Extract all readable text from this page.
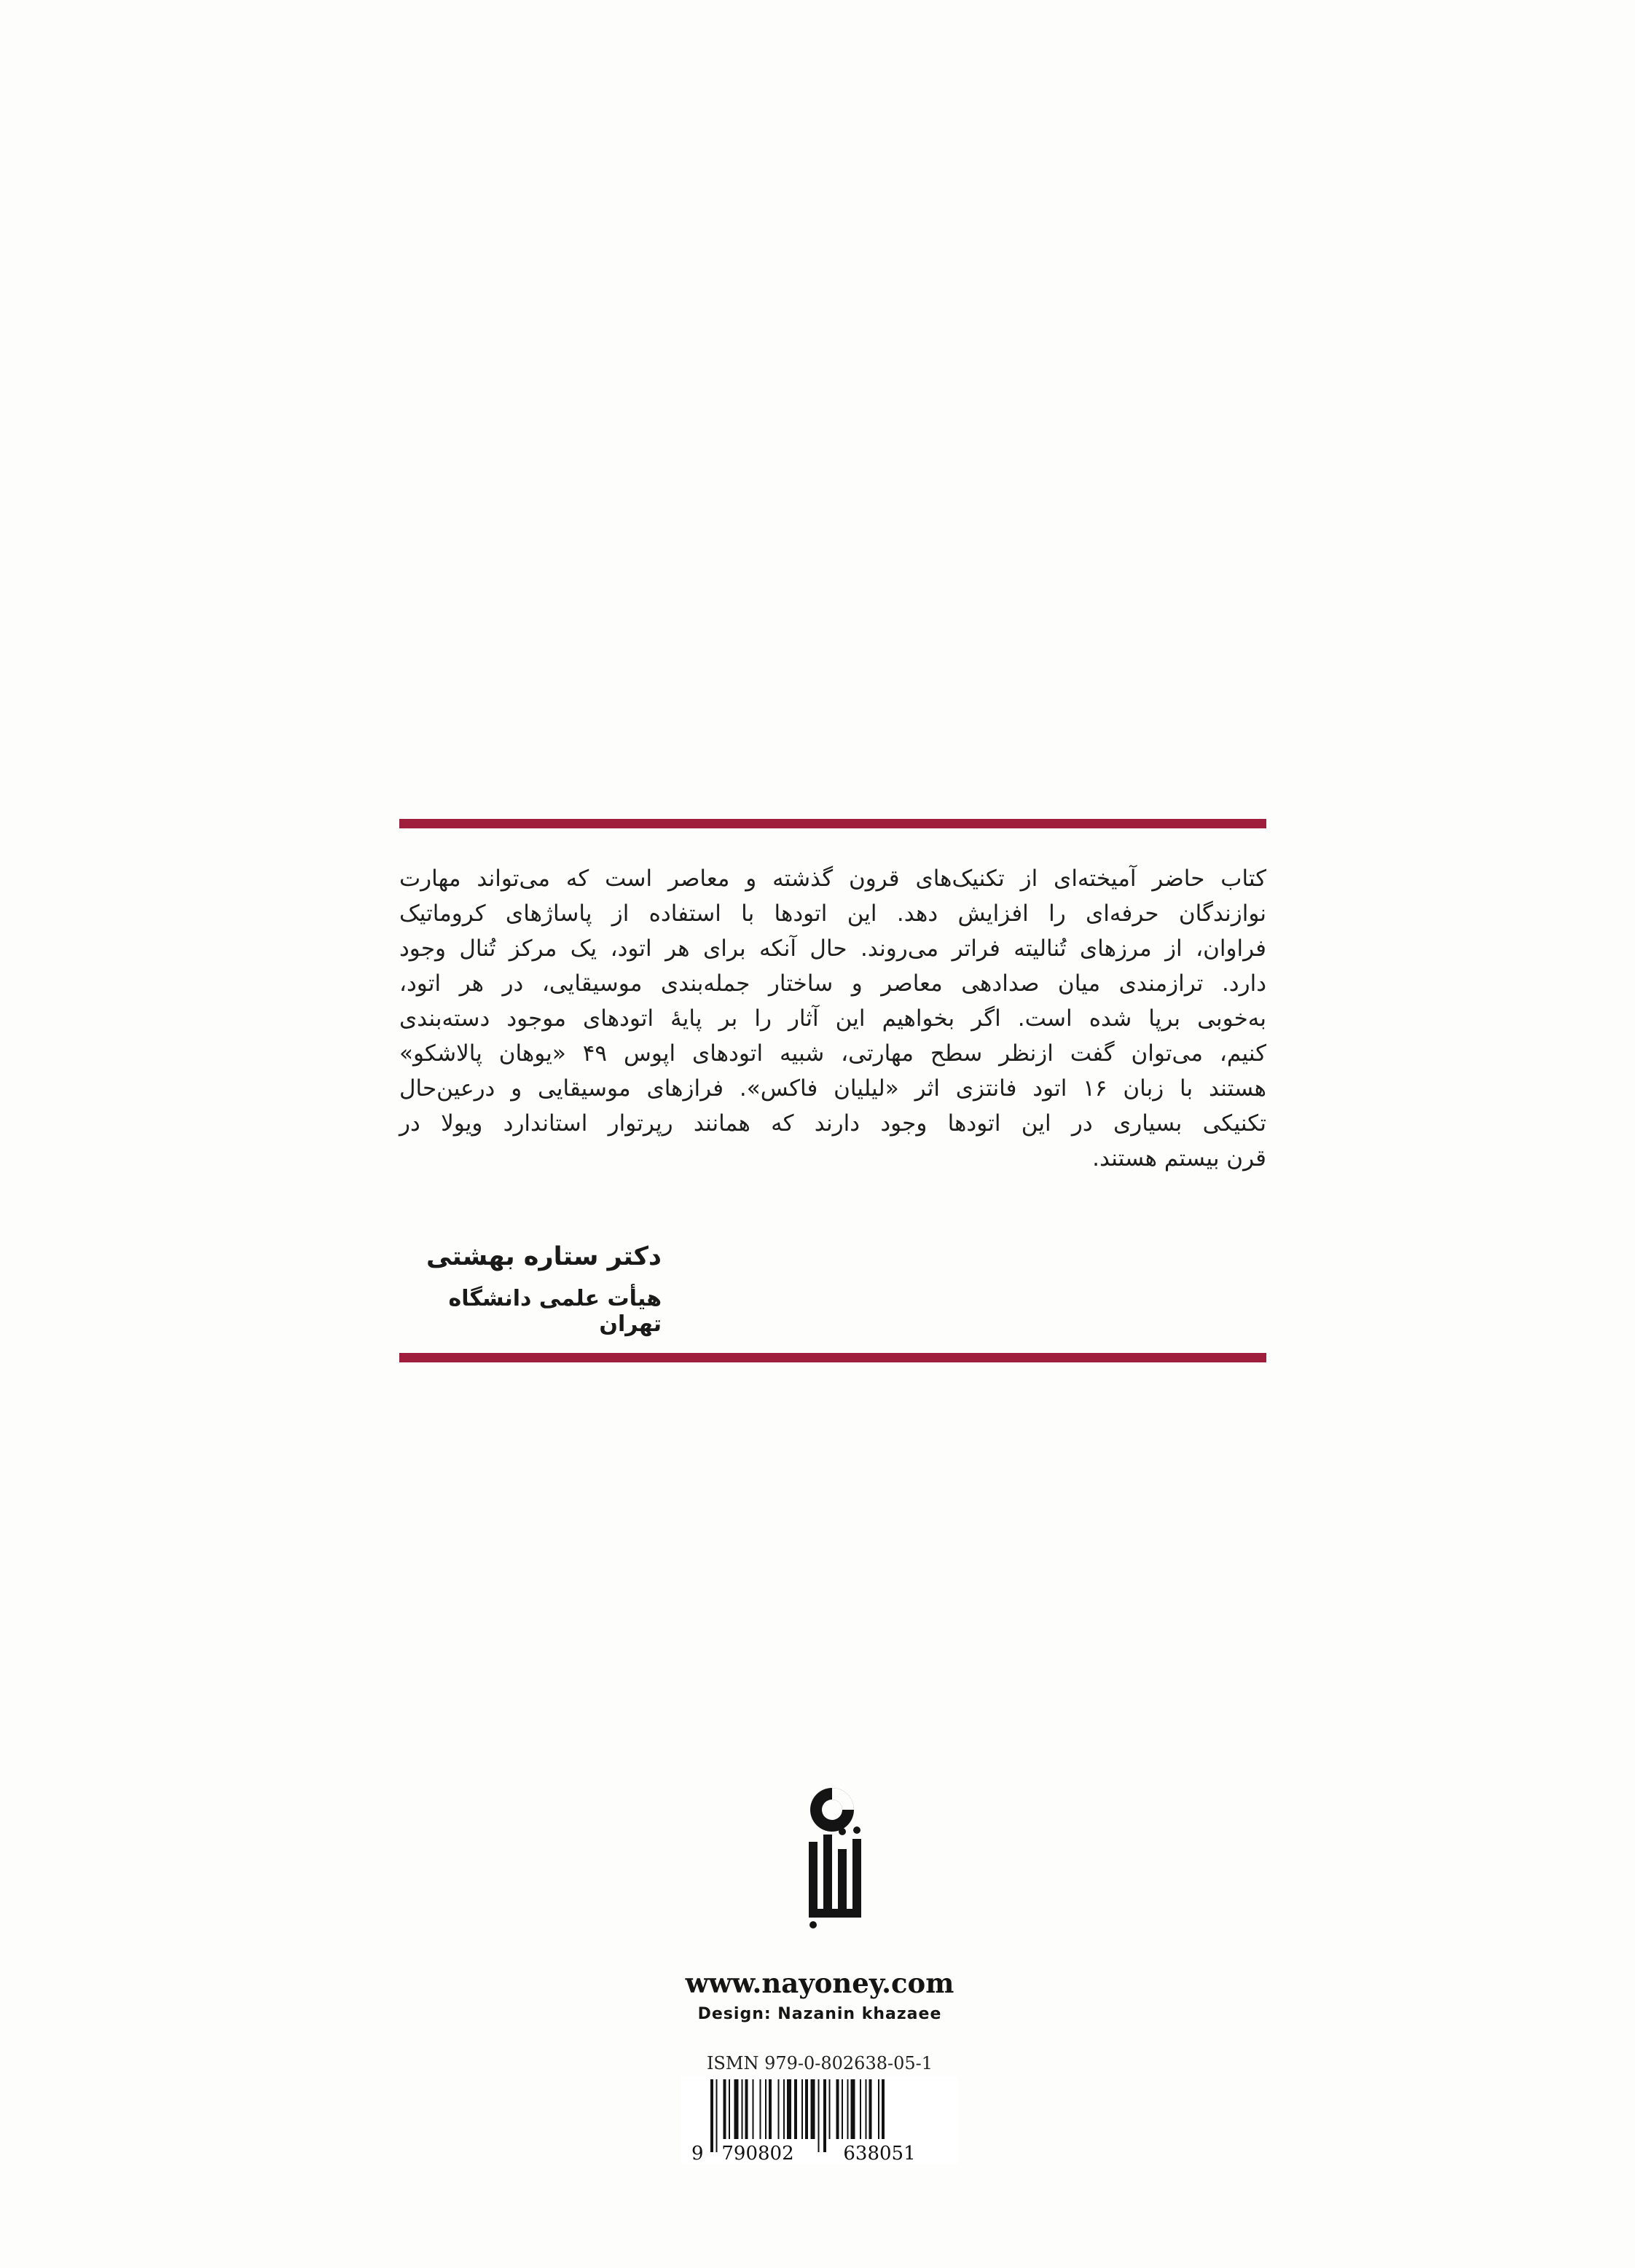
کتاب حاضر آمیخته‌ای از تکنیک‌های قرون گذشته و معاصر است که می‌تواند مهارت
نوازندگان حرفه‌ای را افزایش دهد. این اتودها با استفاده از پاساژهای کروماتیک
فراوان، از مرزهای تُنالیته فراتر می‌روند. حال آنکه برای هر اتود، یک مرکز تُنال وجود
دارد. ترازمندی میان صدادهی معاصر و ساختار جمله‌بندی موسیقایی، در هر اتود،
به‌خوبی برپا شده است. اگر بخواهیم این آثار را بر پایهٔ اتودهای موجود دسته‌بندی
کنیم، می‌توان گفت ازنظر سطح مهارتی، شبیه اتودهای اپوس ۴۹ «یوهان پالاشکو»
هستند با زبان ۱۶ اتود فانتزی اثر «لیلیان فاکس». فرازهای موسیقایی و درعین‌حال
تکنیکی بسیاری در این اتودها وجود دارند که همانند رپرتوار استاندارد ویولا در
قرن بیستم هستند.
دکتر ستاره بهشتی
هیأت علمی دانشگاه تهران
www.nayoney.com
Design: Nazanin khazaee
ISMN 979-0-802638-05-1
9 790802	638051
